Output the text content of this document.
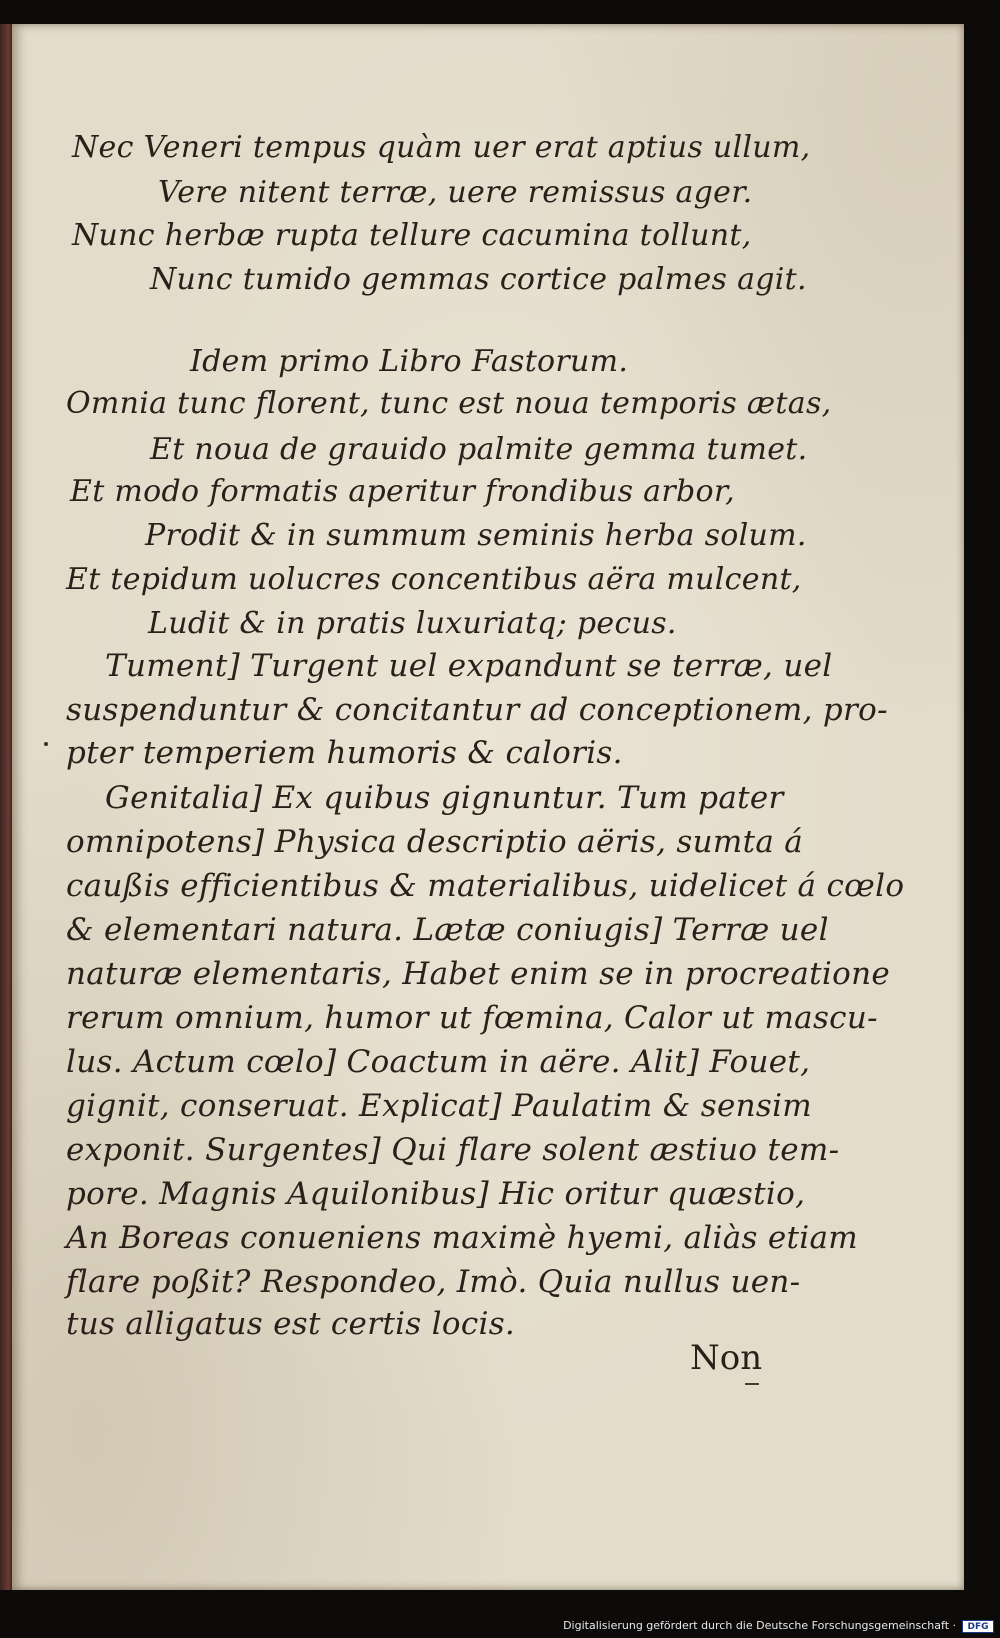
Nec Veneri tempus quàm uer erat aptius ullum,
Vere nitent terræ, uere remissus ager.
Nunc herbæ rupta tellure cacumina tollunt,
Nunc tumido gemmas cortice palmes agit.
Idem primo Libro Fastorum.
Omnia tunc florent, tunc est noua temporis ætas,
Et noua de grauido palmite gemma tumet.
Et modo formatis aperitur frondibus arbor,
Prodit & in summum seminis herba solum.
Et tepidum uolucres concentibus aëra mulcent,
Ludit & in pratis luxuriatq; pecus.
Tument] Turgent uel expandunt se terræ, uel
suspenduntur & concitantur ad conceptionem, pro-
pter temperiem humoris & caloris.
Genitalia] Ex quibus gignuntur. Tum pater
omnipotens] Physica descriptio aëris, sumta á
caußis efficientibus & materialibus, uidelicet á cœlo
& elementari natura. Lætæ coniugis] Terræ uel
naturæ elementaris, Habet enim se in procreatione
rerum omnium, humor ut fœmina, Calor ut mascu-
lus. Actum cœlo] Coactum in aëre. Alit] Fouet,
gignit, conseruat. Explicat] Paulatim & sensim
exponit. Surgentes] Qui flare solent æstiuo tem-
pore. Magnis Aquilonibus] Hic oritur quæstio,
An Boreas conueniens maximè hyemi, aliàs etiam
flare poßit? Respondeo, Imò. Quia nullus uen-
tus alligatus est certis locis.
Non
Digitalisierung gefördert durch die Deutsche Forschungsgemeinschaft ·	DFG
